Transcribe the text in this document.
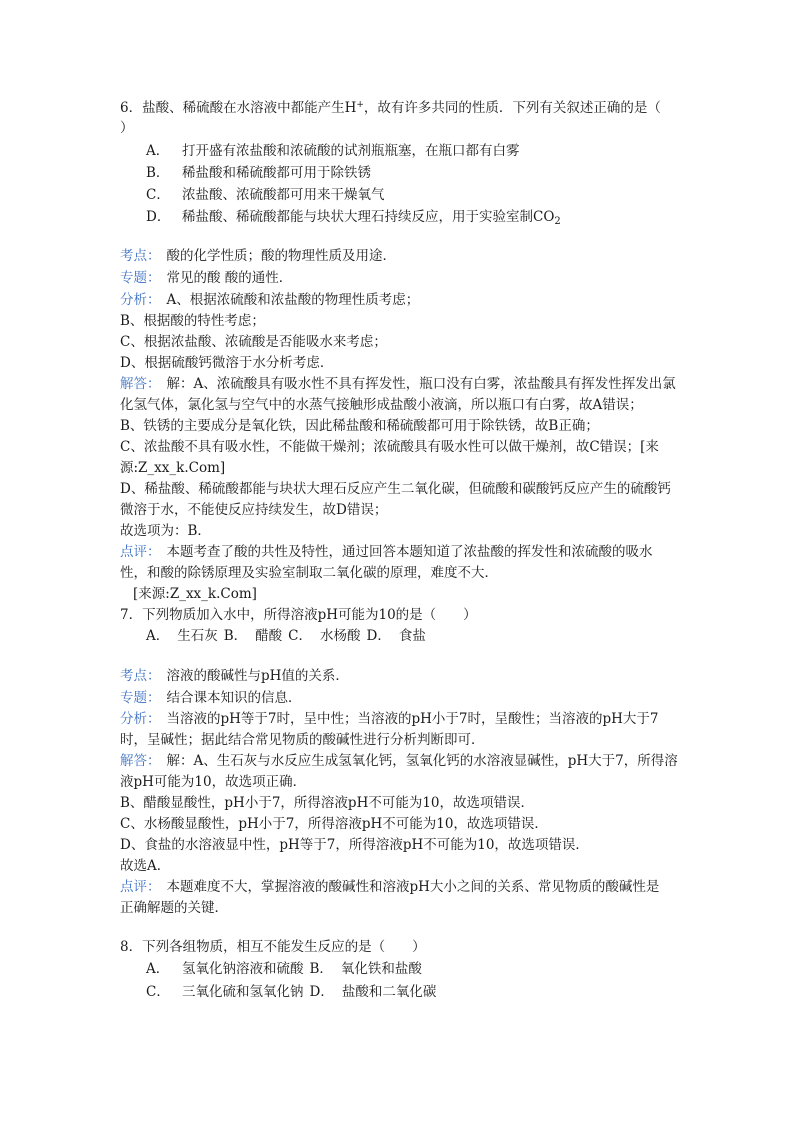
6．盐酸、稀硫酸在水溶液中都能产生H+，故有许多共同的性质．下列有关叙述正确的是（
）
A． 打开盛有浓盐酸和浓硫酸的试剂瓶瓶塞，在瓶口都有白雾
B． 稀盐酸和稀硫酸都可用于除铁锈
C． 浓盐酸、浓硫酸都可用来干燥氧气
D． 稀盐酸、稀硫酸都能与块状大理石持续反应，用于实验室制$CO_2$
考点： 酸的化学性质；酸的物理性质及用途．
专题： 常见的酸 酸的通性．
分析： A、根据浓硫酸和浓盐酸的物理性质考虑；
B、根据酸的特性考虑；
C、根据浓盐酸、浓硫酸是否能吸水来考虑；
D、根据硫酸钙微溶于水分析考虑．
解答： 解：A、浓硫酸具有吸水性不具有挥发性，瓶口没有白雾，浓盐酸具有挥发性挥发出氯
化氢气体，氯化氢与空气中的水蒸气接触形成盐酸小液滴，所以瓶口有白雾，故A错误；
B、铁锈的主要成分是氧化铁，因此稀盐酸和稀硫酸都可用于除铁锈，故B正确；
C、浓盐酸不具有吸水性，不能做干燥剂；浓硫酸具有吸水性可以做干燥剂，故C错误；[来
源:Z_xx_k.Com]
D、稀盐酸、稀硫酸都能与块状大理石反应产生二氧化碳，但硫酸和碳酸钙反应产生的硫酸钙
微溶于水，不能使反应持续发生，故D错误；
故选项为：B．
点评： 本题考查了酸的共性及特性，通过回答本题知道了浓盐酸的挥发性和浓硫酸的吸水
性，和酸的除锈原理及实验室制取二氧化碳的原理，难度不大．
[来源:Z_xx_k.Com]
7．下列物质加入水中，所得溶液pH可能为10的是（　　）
A． 生石灰 B． 醋酸 C． 水杨酸 D． 食盐
考点： 溶液的酸碱性与pH值的关系．
专题： 结合课本知识的信息．
分析： 当溶液的pH等于7时，呈中性；当溶液的pH小于7时，呈酸性；当溶液的pH大于7
时，呈碱性；据此结合常见物质的酸碱性进行分析判断即可．
解答： 解：A、生石灰与水反应生成氢氧化钙，氢氧化钙的水溶液显碱性，pH大于7，所得溶
液pH可能为10，故选项正确．
B、醋酸显酸性，pH小于7，所得溶液pH不可能为10，故选项错误．
C、水杨酸显酸性，pH小于7，所得溶液pH不可能为10，故选项错误．
D、食盐的水溶液显中性，pH等于7，所得溶液pH不可能为10，故选项错误．
故选A．
点评： 本题难度不大，掌握溶液的酸碱性和溶液pH大小之间的关系、常见物质的酸碱性是
正确解题的关键．
8．下列各组物质，相互不能发生反应的是（　　）
A． 氢氧化钠溶液和硫酸 B． 氧化铁和盐酸
C． 三氧化硫和氢氧化钠 D． 盐酸和二氧化碳
